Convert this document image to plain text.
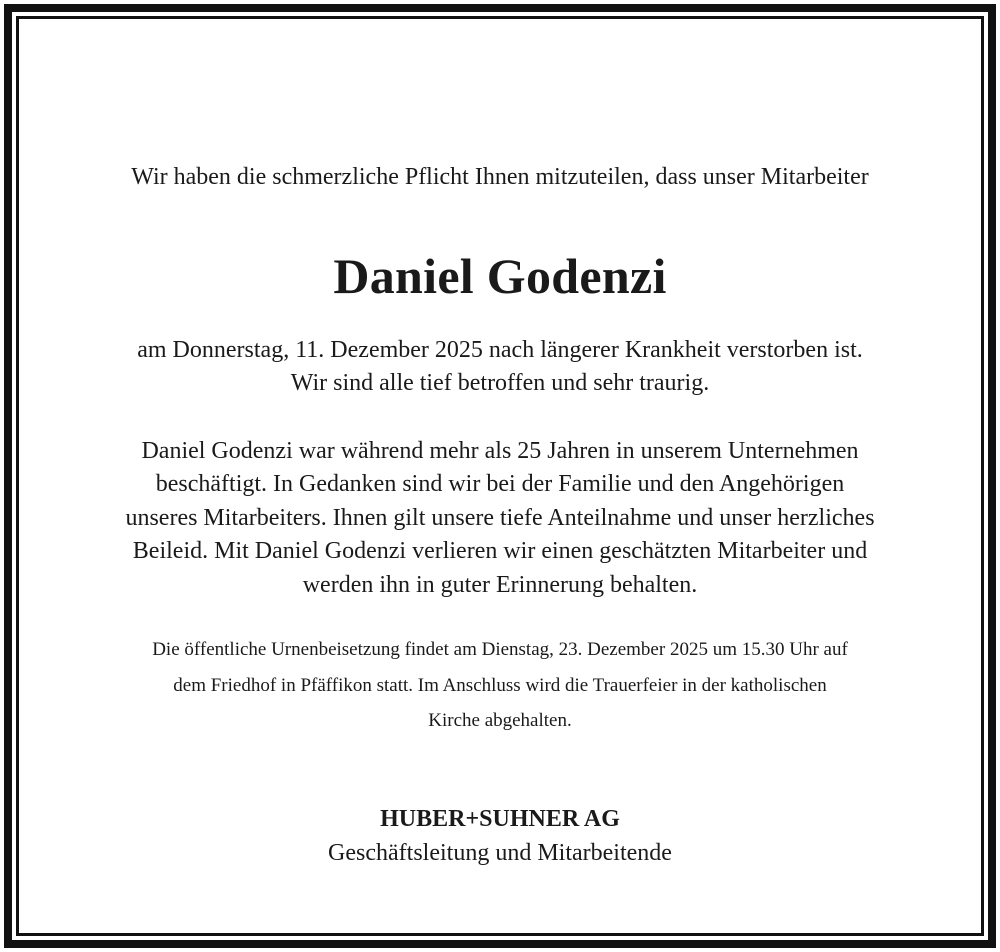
Wir haben die schmerzliche Pflicht Ihnen mitzuteilen, dass unser Mitarbeiter
Daniel Godenzi
am Donnerstag, 11. Dezember 2025 nach längerer Krankheit verstorben ist.
Wir sind alle tief betroffen und sehr traurig.
Daniel Godenzi war während mehr als 25 Jahren in unserem Unternehmen
beschäftigt. In Gedanken sind wir bei der Familie und den Angehörigen
unseres Mitarbeiters. Ihnen gilt unsere tiefe Anteilnahme und unser herzliches
Beileid. Mit Daniel Godenzi verlieren wir einen geschätzten Mitarbeiter und
werden ihn in guter Erinnerung behalten.
Die öffentliche Urnenbeisetzung findet am Dienstag, 23. Dezember 2025 um 15.30 Uhr auf
dem Friedhof in Pfäffikon statt. Im Anschluss wird die Trauerfeier in der katholischen
Kirche abgehalten.
HUBER+SUHNER AG
Geschäftsleitung und Mitarbeitende
